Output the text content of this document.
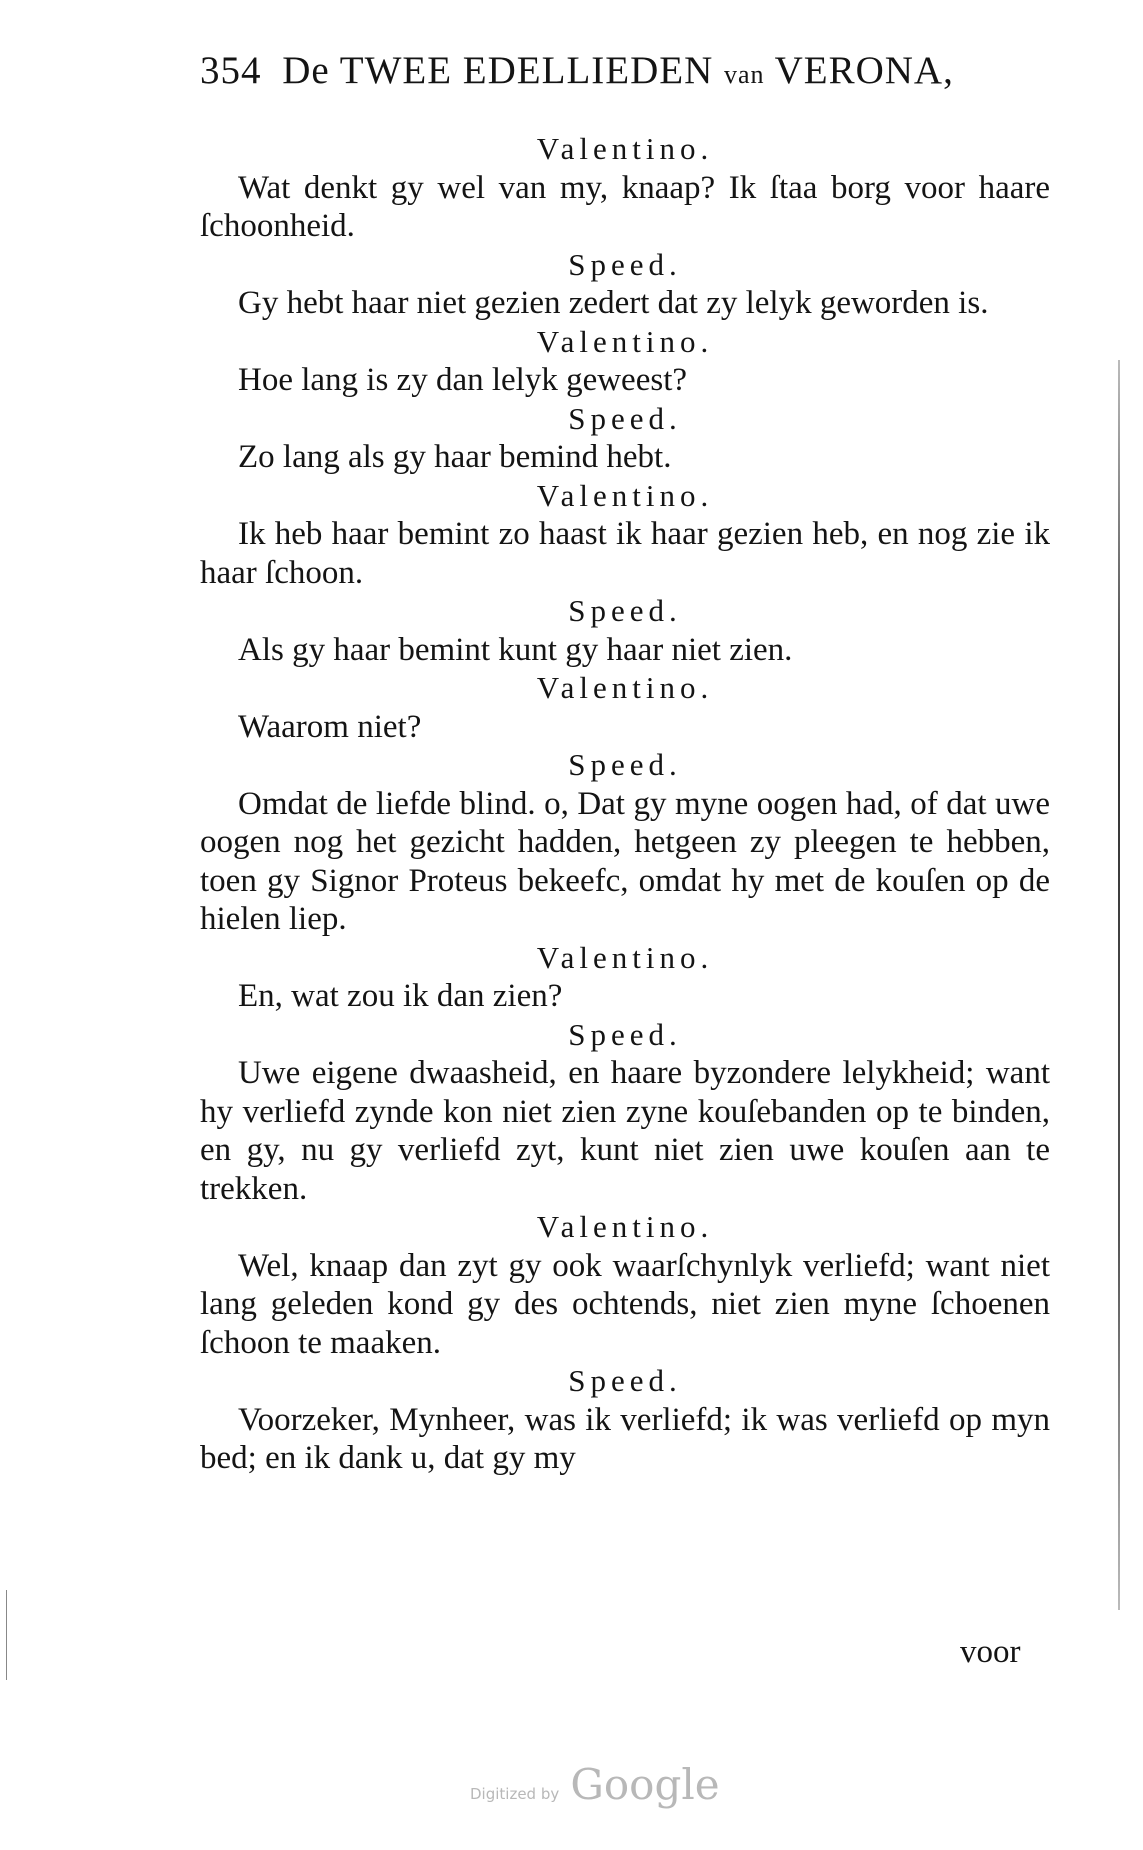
354 De TWEE EDELLIEDEN van VERONA,

Valentino.

Wat denkt gy wel van my, knaap? Ik ſtaa borg voor haare ſchoonheid.

Speed.

Gy hebt haar niet gezien zedert dat zy lelyk geworden is.

Valentino.

Hoe lang is zy dan lelyk geweest?

Speed.

Zo lang als gy haar bemind hebt.

Valentino.

Ik heb haar bemint zo haast ik haar gezien heb, en nog zie ik haar ſchoon.

Speed.

Als gy haar bemint kunt gy haar niet zien.

Valentino.

Waarom niet?

Speed.

Omdat de liefde blind. o, Dat gy myne oogen had, of dat uwe oogen nog het gezicht hadden, hetgeen zy pleegen te hebben, toen gy Signor Proteus bekeefc, omdat hy met de kouſen op de hielen liep.

Valentino.

En, wat zou ik dan zien?

Speed.

Uwe eigene dwaasheid, en haare byzondere lelykheid; want hy verliefd zynde kon niet zien zyne kouſebanden op te binden, en gy, nu gy verliefd zyt, kunt niet zien uwe kouſen aan te trekken.

Valentino.

Wel, knaap dan zyt gy ook waarſchynlyk verliefd; want niet lang geleden kond gy des ochtends, niet zien myne ſchoenen ſchoon te maaken.

Speed.

Voorzeker, Mynheer, was ik verliefd; ik was verliefd op myn bed; en ik dank u, dat gy my

voor
Digitized by Google
